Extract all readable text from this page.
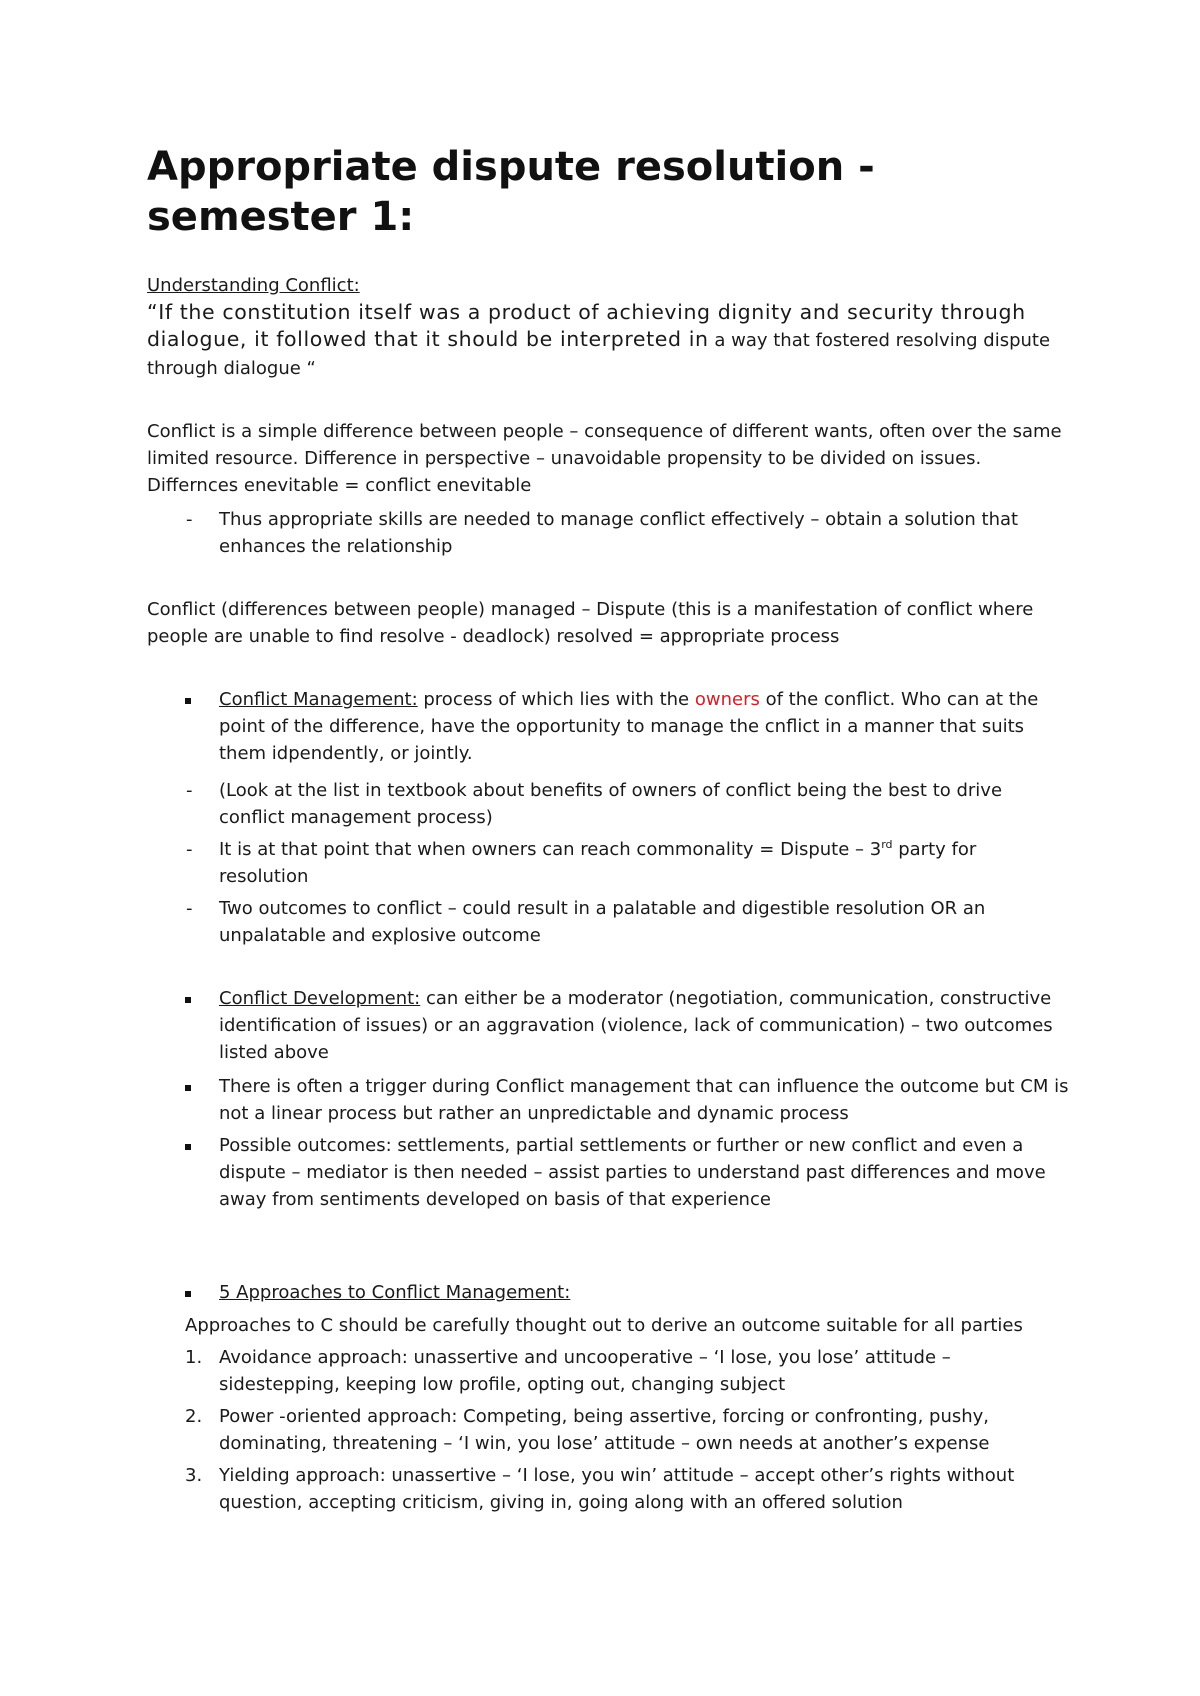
Appropriate dispute resolution - semester 1:

Understanding Conflict:

“If the constitution itself was a product of achieving dignity and security through dialogue, it followed that it should be interpreted in a way that fostered resolving dispute through dialogue “

Conflict is a simple difference between people – consequence of different wants, often over the same limited resource. Difference in perspective – unavoidable propensity to be divided on issues. Differnces enevitable = conflict enevitable

- Thus appropriate skills are needed to manage conflict effectively – obtain a solution that enhances the relationship

Conflict (differences between people) managed – Dispute (this is a manifestation of conflict where people are unable to find resolve - deadlock) resolved = appropriate process

Conflict Management: process of which lies with the owners of the conflict. Who can at the point of the difference, have the opportunity to manage the cnflict in a manner that suits them idpendently, or jointly.

- (Look at the list in textbook about benefits of owners of conflict being the best to drive conflict management process)

- It is at that point that when owners can reach commonality = Dispute – 3rd party for resolution

- Two outcomes to conflict – could result in a palatable and digestible resolution OR an unpalatable and explosive outcome

Conflict Development: can either be a moderator (negotiation, communication, constructive identification of issues) or an aggravation (violence, lack of communication) – two outcomes listed above

There is often a trigger during Conflict management that can influence the outcome but CM is not a linear process but rather an unpredictable and dynamic process

Possible outcomes: settlements, partial settlements or further or new conflict and even a dispute – mediator is then needed – assist parties to understand past differences and move away from sentiments developed on basis of that experience

5 Approaches to Conflict Management:

Approaches to C should be carefully thought out to derive an outcome suitable for all parties

1. Avoidance approach: unassertive and uncooperative – ‘I lose, you lose’ attitude – sidestepping, keeping low profile, opting out, changing subject

2. Power -oriented approach: Competing, being assertive, forcing or confronting, pushy, dominating, threatening – ‘I win, you lose’ attitude – own needs at another’s expense

3. Yielding approach: unassertive – ‘I lose, you win’ attitude – accept other’s rights without question, accepting criticism, giving in, going along with an offered solution
